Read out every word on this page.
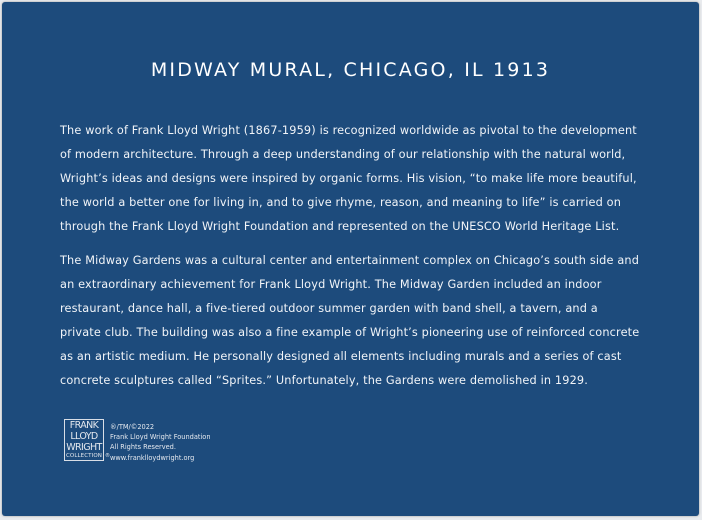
MIDWAY MURAL, CHICAGO, IL 1913

The work of Frank Lloyd Wright (1867-1959) is recognized worldwide as pivotal to the development
of modern architecture. Through a deep understanding of our relationship with the natural world,
Wright’s ideas and designs were inspired by organic forms. His vision, “to make life more beautiful,
the world a better one for living in, and to give rhyme, reason, and meaning to life” is carried on
through the Frank Lloyd Wright Foundation and represented on the UNESCO World Heritage List.

The Midway Gardens was a cultural center and entertainment complex on Chicago’s south side and
an extraordinary achievement for Frank Lloyd Wright. The Midway Garden included an indoor
restaurant, dance hall, a five-tiered outdoor summer garden with band shell, a tavern, and a
private club. The building was also a fine example of Wright’s pioneering use of reinforced concrete
as an artistic medium. He personally designed all elements including murals and a series of cast
concrete sculptures called “Sprites.” Unfortunately, the Gardens were demolished in 1929.

FRANK
LLOYD
WRIGHT
COLLECTION ®
®/TM/©2022
Frank Lloyd Wright Foundation
All Rights Reserved.
www.franklloydwright.org
